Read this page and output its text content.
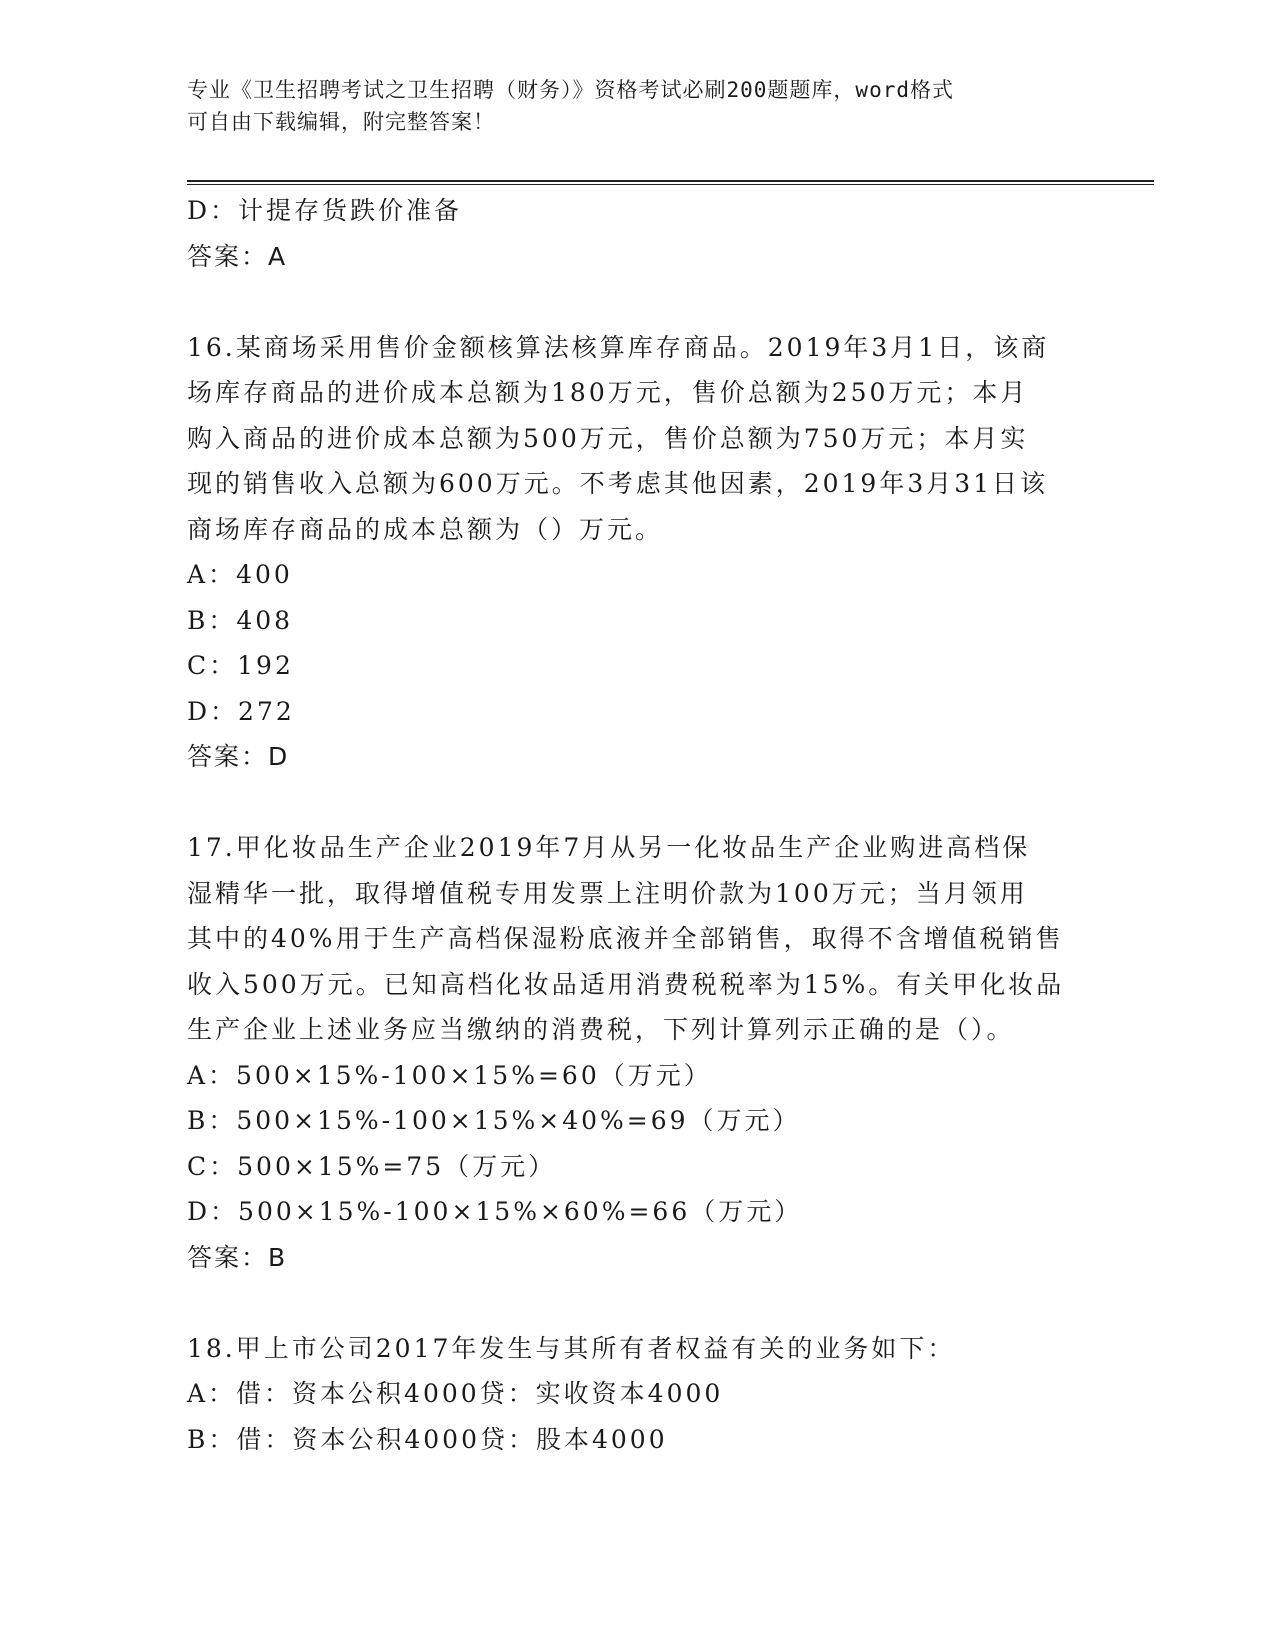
专业《卫生招聘考试之卫生招聘（财务）》资格考试必刷200题题库，word格式
可自由下载编辑，附完整答案！
D：计提存货跌价准备
答案：A
16.某商场采用售价金额核算法核算库存商品。2019年3月1日，该商
场库存商品的进价成本总额为180万元，售价总额为250万元；本月
购入商品的进价成本总额为500万元，售价总额为750万元；本月实
现的销售收入总额为600万元。不考虑其他因素，2019年3月31日该
商场库存商品的成本总额为（）万元。
A：400
B：408
C：192
D：272
答案：D
17.甲化妆品生产企业2019年7月从另一化妆品生产企业购进高档保
湿精华一批，取得增值税专用发票上注明价款为100万元；当月领用
其中的40%用于生产高档保湿粉底液并全部销售，取得不含增值税销售
收入500万元。已知高档化妆品适用消费税税率为15%。有关甲化妆品
生产企业上述业务应当缴纳的消费税，下列计算列示正确的是（）。
A：500×15%-100×15%=60（万元）
B：500×15%-100×15%×40%=69（万元）
C：500×15%=75（万元）
D：500×15%-100×15%×60%=66（万元）
答案：B
18.甲上市公司2017年发生与其所有者权益有关的业务如下：
A：借：资本公积4000贷：实收资本4000
B：借：资本公积4000贷：股本4000
